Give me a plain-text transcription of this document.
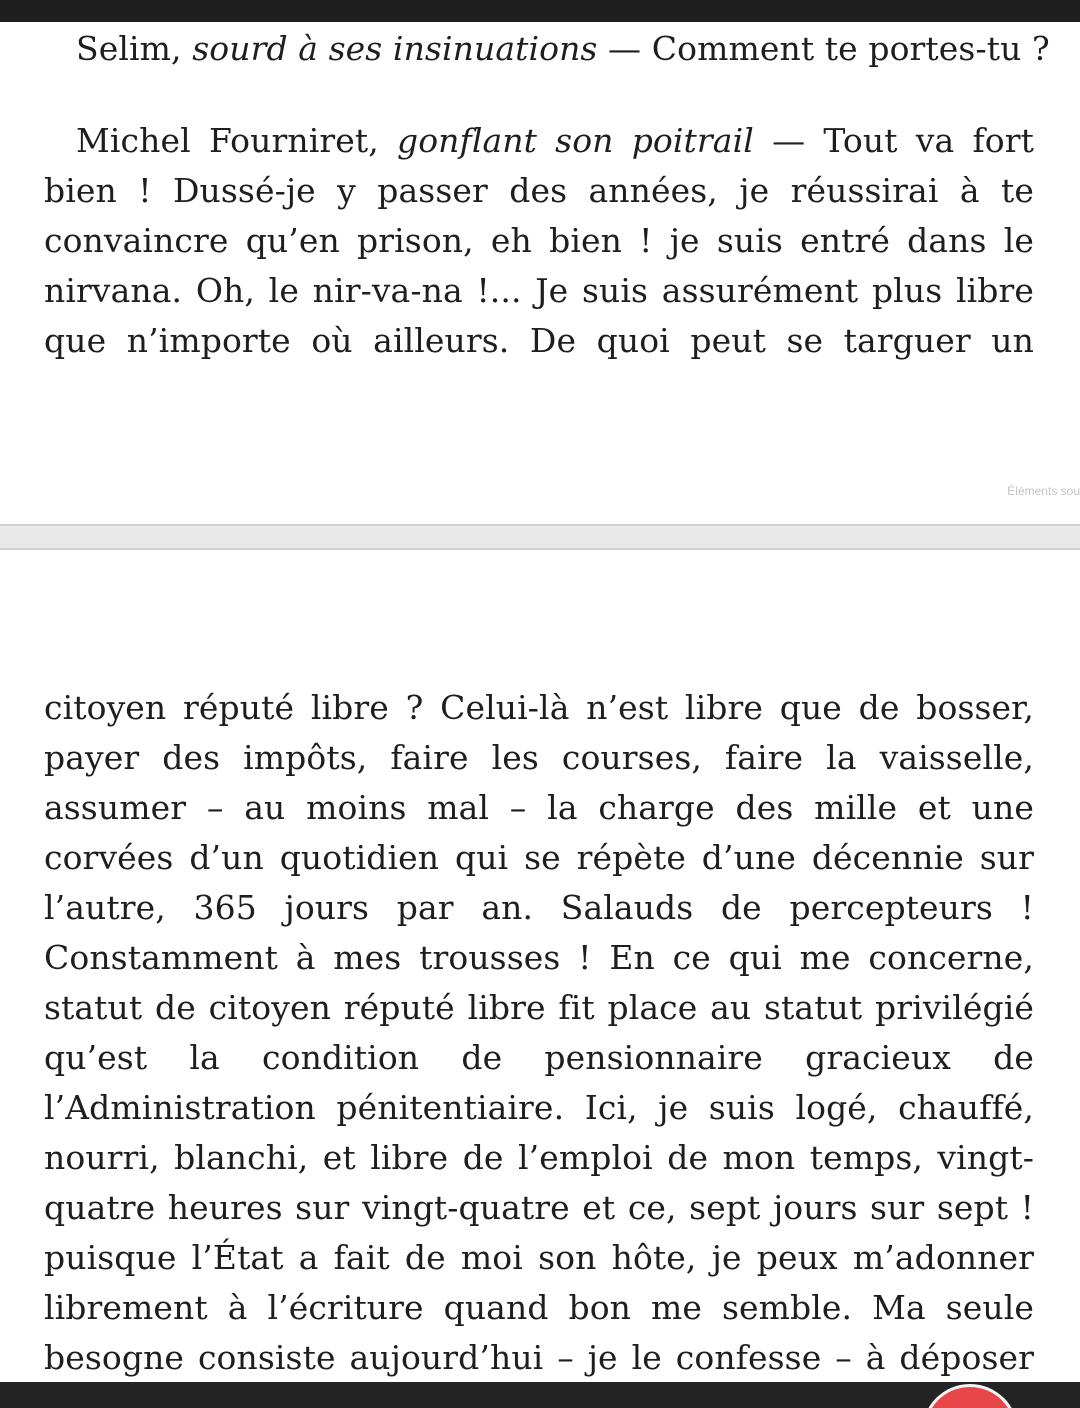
Selim, sourd à ses insinuations — Comment te portes-tu ?
Michel Fourniret, gonflant son poitrail — Tout va fort
bien ! Dussé-je y passer des années, je réussirai à te
convaincre qu’en prison, eh bien ! je suis entré dans le
nirvana. Oh, le nir-va-na !... Je suis assurément plus libre
que n’importe où ailleurs. De quoi peut se targuer un
Éléments sou
citoyen réputé libre ? Celui-là n’est libre que de bosser,
payer des impôts, faire les courses, faire la vaisselle,
assumer – au moins mal – la charge des mille et une
corvées d’un quotidien qui se répète d’une décennie sur
l’autre, 365 jours par an. Salauds de percepteurs !
Constamment à mes trousses ! En ce qui me concerne,
statut de citoyen réputé libre fit place au statut privilégié
qu’est la condition de pensionnaire gracieux de
l’Administration pénitentiaire. Ici, je suis logé, chauffé,
nourri, blanchi, et libre de l’emploi de mon temps, vingt-
quatre heures sur vingt-quatre et ce, sept jours sur sept !
puisque l’État a fait de moi son hôte, je peux m’adonner
librement à l’écriture quand bon me semble. Ma seule
besogne consiste aujourd’hui – je le confesse – à déposer
